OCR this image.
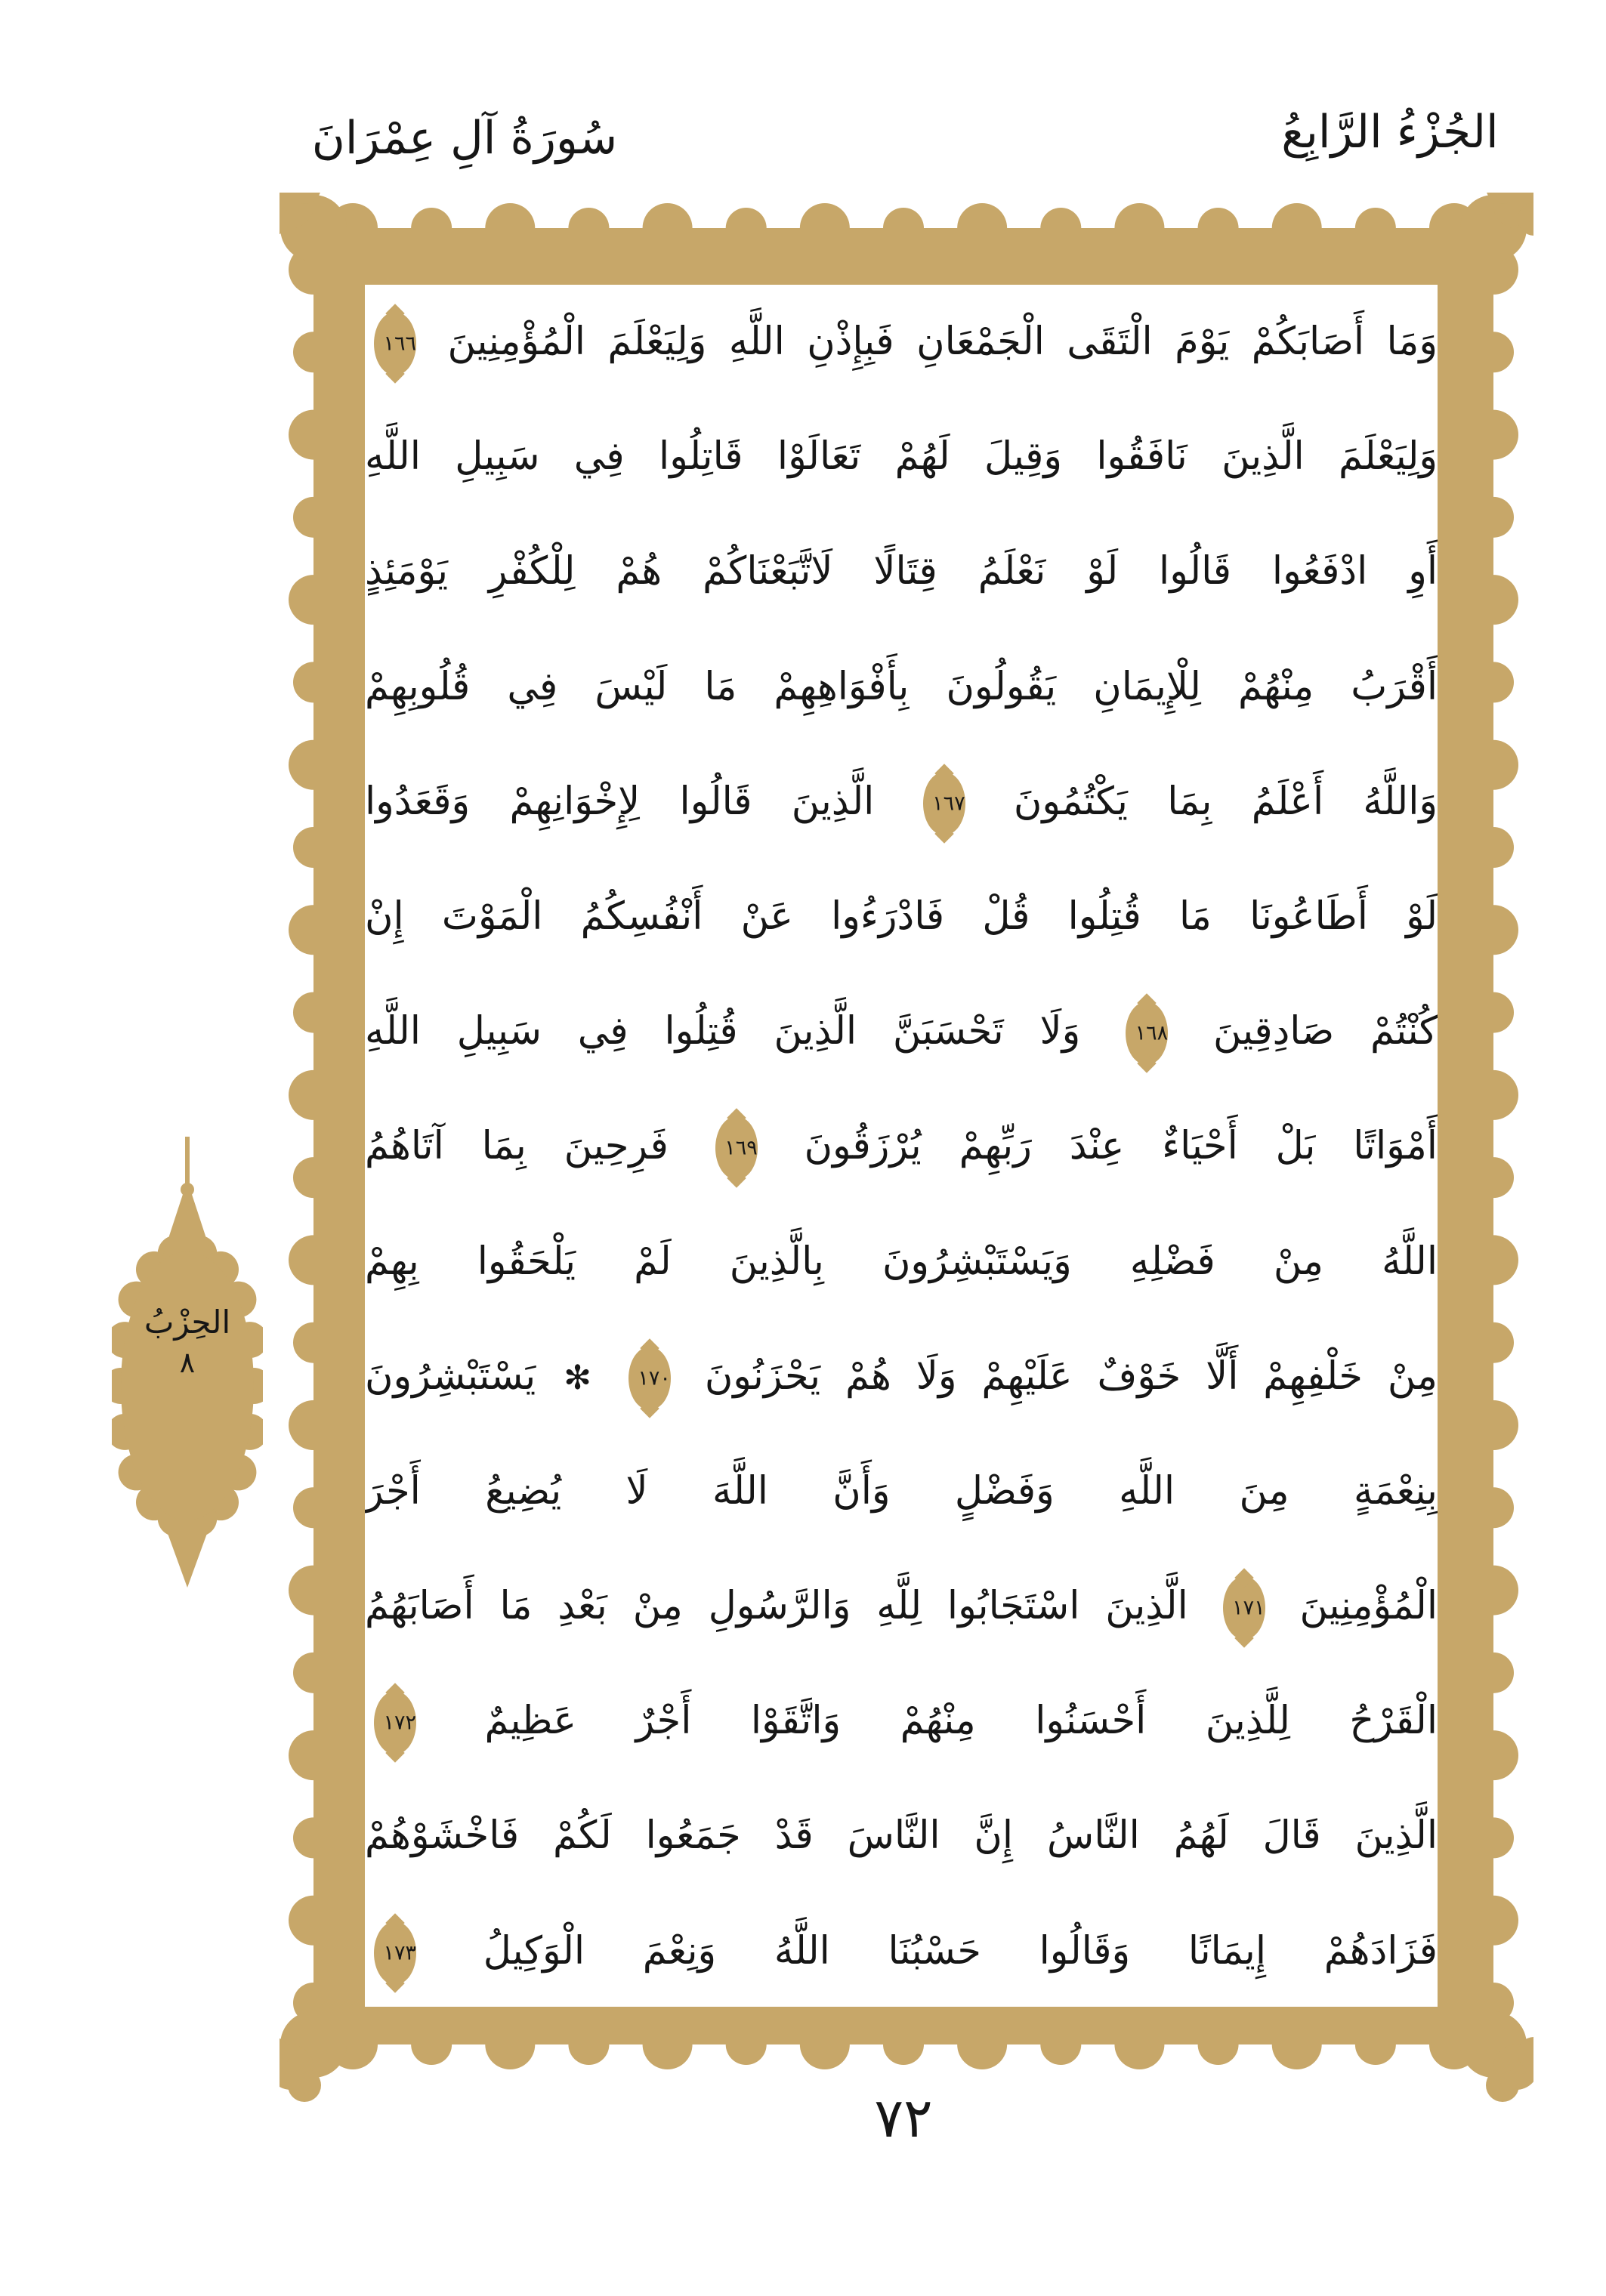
سُورَةُ آلِ عِمْرَانَ	الجُزْءُ الرَّابِعُ
وَمَا أَصَابَكُمْ يَوْمَ الْتَقَى الْجَمْعَانِ فَبِإِذْنِ اللَّهِ وَلِيَعْلَمَ الْمُؤْمِنِينَ
١٦٦
وَلِيَعْلَمَ الَّذِينَ نَافَقُوا وَقِيلَ لَهُمْ تَعَالَوْا قَاتِلُوا فِي سَبِيلِ اللَّهِ
أَوِ ادْفَعُوا قَالُوا لَوْ نَعْلَمُ قِتَالًا لَاتَّبَعْنَاكُمْ هُمْ لِلْكُفْرِ يَوْمَئِذٍ
أَقْرَبُ مِنْهُمْ لِلْإِيمَانِ يَقُولُونَ بِأَفْوَاهِهِمْ مَا لَيْسَ فِي قُلُوبِهِمْ
وَاللَّهُ أَعْلَمُ بِمَا يَكْتُمُونَ
١٦٧
الَّذِينَ قَالُوا لِإِخْوَانِهِمْ وَقَعَدُوا
لَوْ أَطَاعُونَا مَا قُتِلُوا قُلْ فَادْرَءُوا عَنْ أَنْفُسِكُمُ الْمَوْتَ إِنْ
كُنْتُمْ صَادِقِينَ
١٦٨
وَلَا تَحْسَبَنَّ الَّذِينَ قُتِلُوا فِي سَبِيلِ اللَّهِ
أَمْوَاتًا بَلْ أَحْيَاءٌ عِنْدَ رَبِّهِمْ يُرْزَقُونَ
١٦٩
فَرِحِينَ بِمَا آتَاهُمُ
اللَّهُ مِنْ فَضْلِهِ وَيَسْتَبْشِرُونَ بِالَّذِينَ لَمْ يَلْحَقُوا بِهِمْ
مِنْ خَلْفِهِمْ أَلَّا خَوْفٌ عَلَيْهِمْ وَلَا هُمْ يَحْزَنُونَ
١٧٠
✻ يَسْتَبْشِرُونَ
بِنِعْمَةٍ مِنَ اللَّهِ وَفَضْلٍ وَأَنَّ اللَّهَ لَا يُضِيعُ أَجْرَ
الْمُؤْمِنِينَ
١٧١
الَّذِينَ اسْتَجَابُوا لِلَّهِ وَالرَّسُولِ مِنْ بَعْدِ مَا أَصَابَهُمُ
الْقَرْحُ لِلَّذِينَ أَحْسَنُوا مِنْهُمْ وَاتَّقَوْا أَجْرٌ عَظِيمٌ
١٧٢
الَّذِينَ قَالَ لَهُمُ النَّاسُ إِنَّ النَّاسَ قَدْ جَمَعُوا لَكُمْ فَاخْشَوْهُمْ
فَزَادَهُمْ إِيمَانًا وَقَالُوا حَسْبُنَا اللَّهُ وَنِعْمَ الْوَكِيلُ
١٧٣
الحِزْبُ
٨
٧٢
